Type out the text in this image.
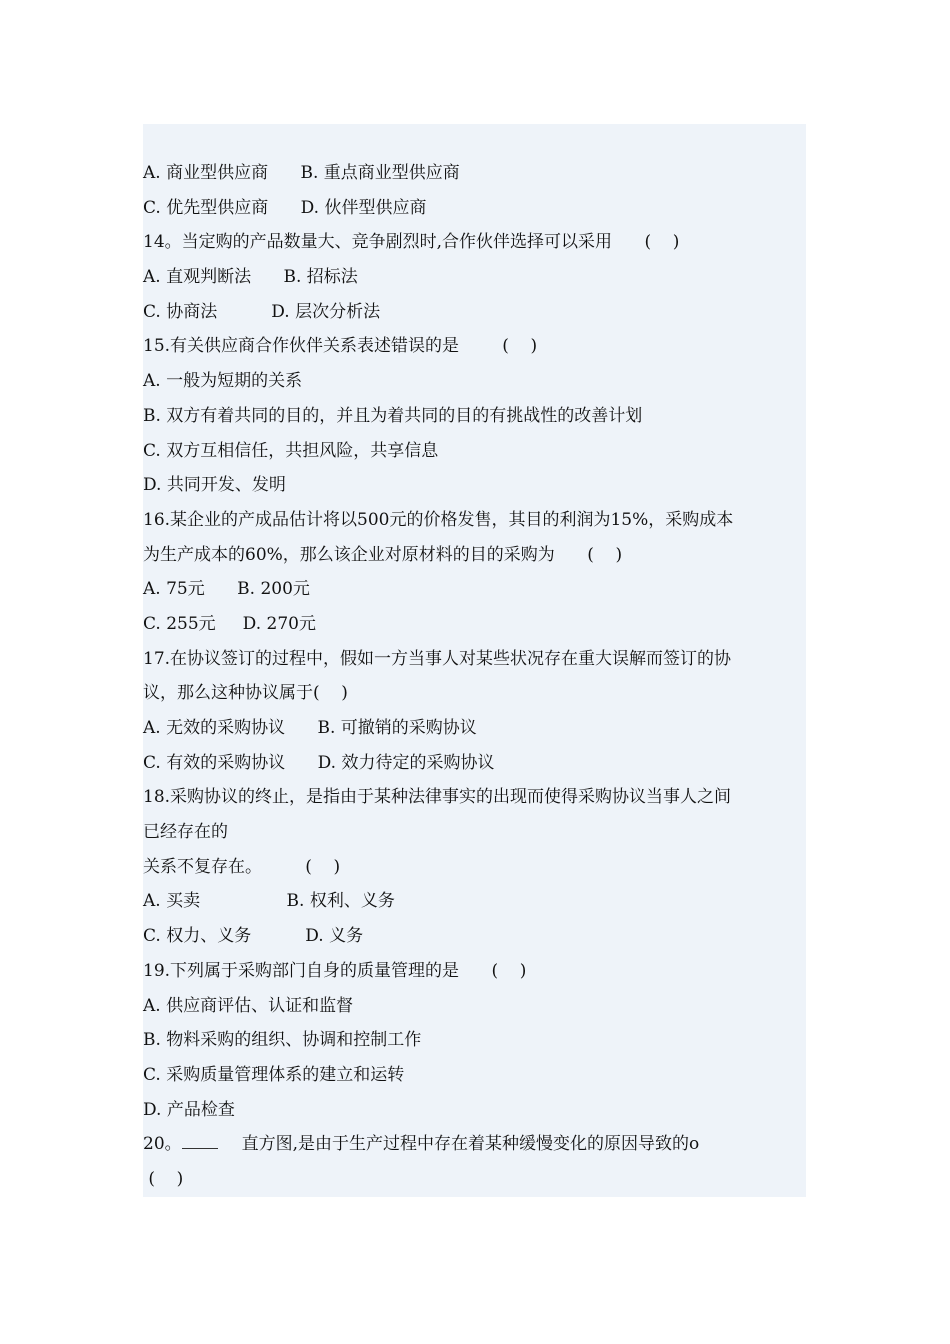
A. 商业型供应商      B. 重点商业型供应商

C. 优先型供应商      D. 伙伴型供应商

14。当定购的产品数量大、竞争剧烈时,合作伙伴选择可以采用      (    )

A. 直观判断法      B. 招标法

C. 协商法          D. 层次分析法

15.有关供应商合作伙伴关系表述错误的是        (    )

A. 一般为短期的关系

B. 双方有着共同的目的，并且为着共同的目的有挑战性的改善计划

C. 双方互相信任，共担风险，共享信息

D. 共同开发、发明

16.某企业的产成品估计将以500元的价格发售，其目的利润为15%，采购成本

为生产成本的60%，那么该企业对原材料的目的采购为      (    )

A. 75元      B. 200元

C. 255元     D. 270元

17.在协议签订的过程中，假如一方当事人对某些状况存在重大误解而签订的协

议，那么这种协议属于(    )

A. 无效的采购协议      B. 可撤销的采购协议

C. 有效的采购协议      D. 效力待定的采购协议

18.采购协议的终止，是指由于某种法律事实的出现而使得采购协议当事人之间

已经存在的

关系不复存在。        (    )

A. 买卖                B. 权利、义务

C. 权力、义务          D. 义务

19.下列属于采购部门自身的质量管理的是      (    )

A. 供应商评估、认证和监督

B. 物料采购的组织、协调和控制工作

C. 采购质量管理体系的建立和运转

D. 产品检查

20。	直方图,是由于生产过程中存在着某种缓慢变化的原因导致的o

(    )
